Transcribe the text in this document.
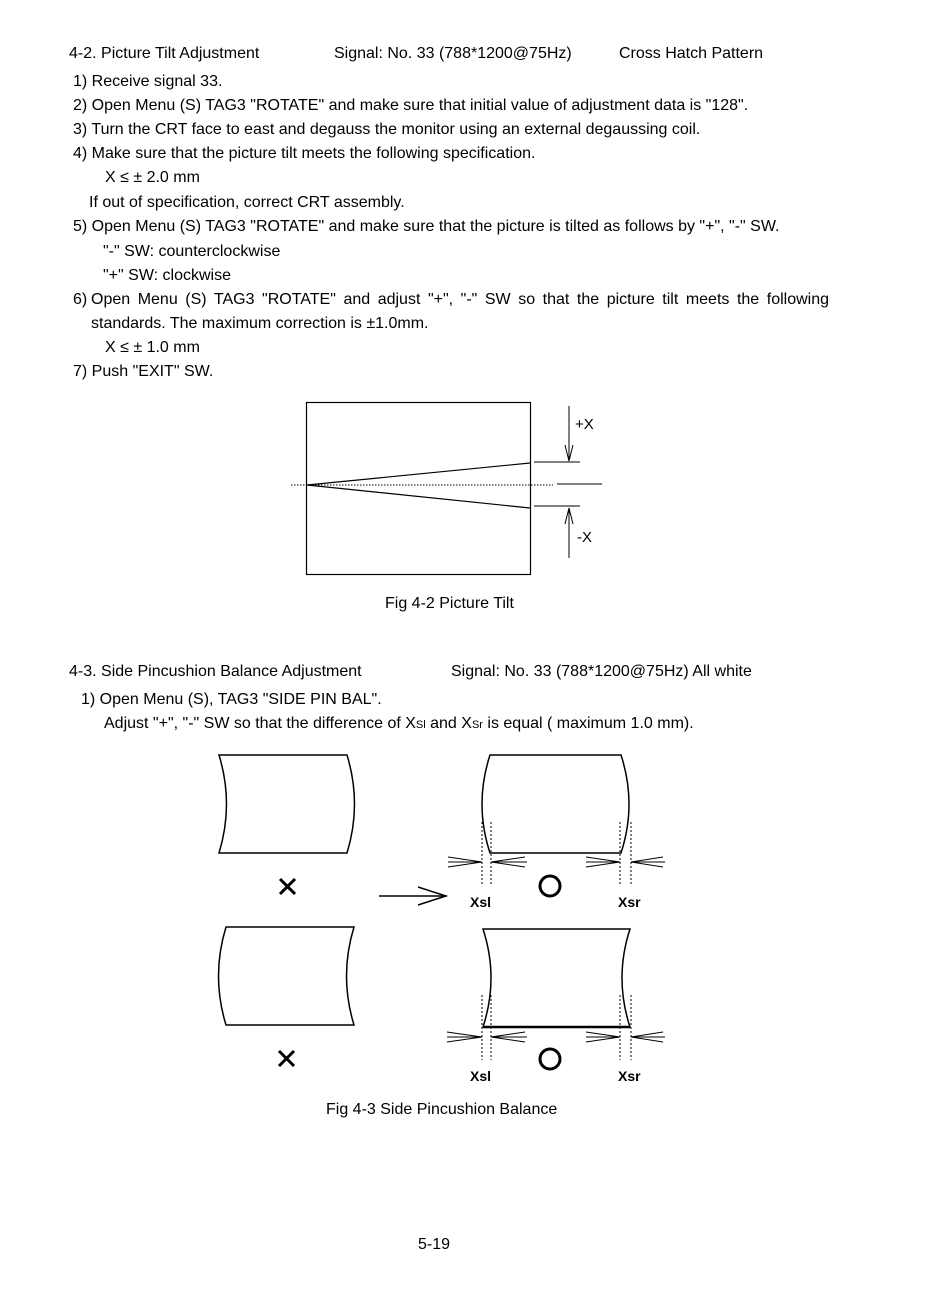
4-2. Picture Tilt Adjustment	Signal: No. 33 (788*1200@75Hz)	Cross Hatch Pattern
1) Receive signal 33.
2) Open Menu (S) TAG3 "ROTATE" and make sure that initial value of adjustment data is "128".
3) Turn the CRT face to east and degauss the monitor using an external degaussing coil.
4) Make sure that the picture tilt meets the following specification.
X ≤ ± 2.0 mm
If out of specification, correct CRT assembly.
5) Open Menu (S) TAG3 "ROTATE" and make sure that the picture is tilted as follows by "+", "-" SW.
"-" SW: counterclockwise
"+" SW: clockwise
6) Open Menu (S) TAG3 "ROTATE" and adjust "+", "-" SW so that the picture tilt meets the following standards. The maximum correction is ±1.0mm.
X ≤ ± 1.0 mm
7) Push "EXIT" SW.
+X
-X
Fig 4-2 Picture Tilt
4-3. Side Pincushion Balance Adjustment	Signal: No. 33 (788*1200@75Hz) All white
1) Open Menu (S), TAG3 "SIDE PIN BAL".
Adjust "+", "-" SW so that the difference of XSl and XSr is equal ( maximum 1.0 mm).
Xsl	Xsr
Xsl	Xsr
Fig 4-3 Side Pincushion Balance
5-19
